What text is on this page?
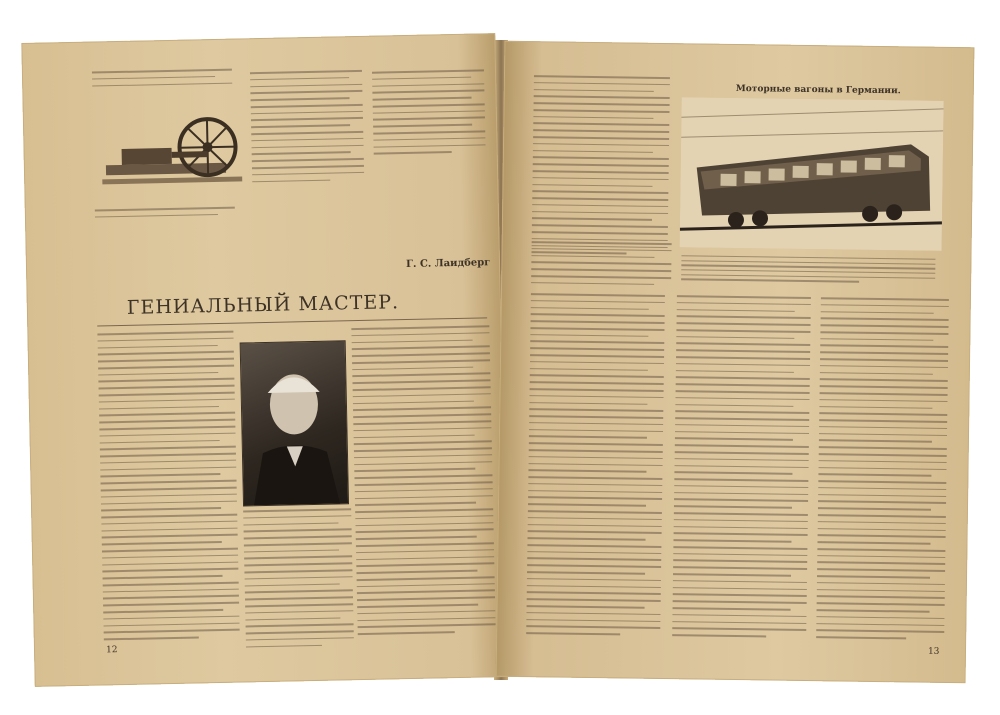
Г. С. Лаидберг
ГЕНИАЛЬНЫЙ МАСТЕР.
12
Моторные вагоны в Германии.
13
